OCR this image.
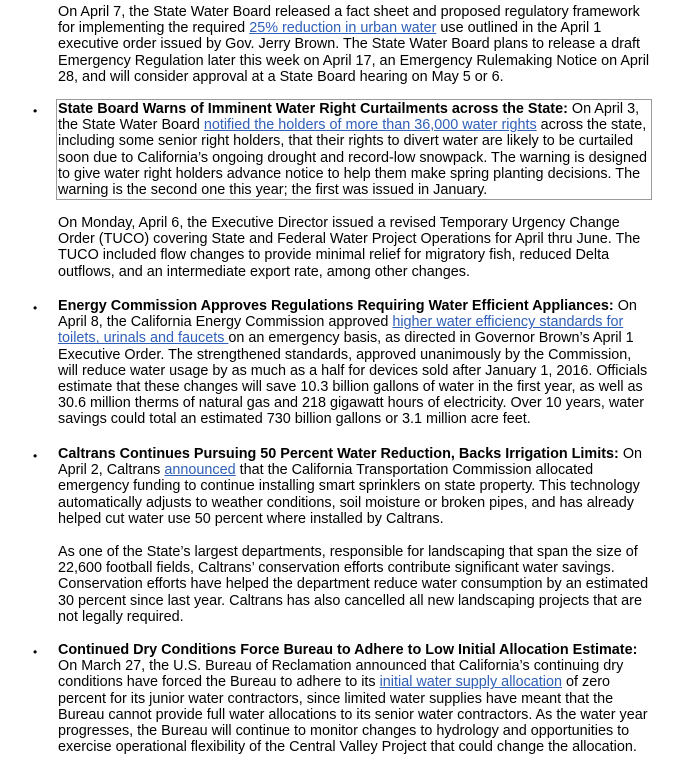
On April 7, the State Water Board released a fact sheet and proposed regulatory framework for implementing the required 25% reduction in urban water use outlined in the April 1 executive order issued by Gov. Jerry Brown. The State Water Board plans to release a draft Emergency Regulation later this week on April 17, an Emergency Rulemaking Notice on April 28, and will consider approval at a State Board hearing on May 5 or 6.

• State Board Warns of Imminent Water Right Curtailments across the State: On April 3, the State Water Board notified the holders of more than 36,000 water rights across the state, including some senior right holders, that their rights to divert water are likely to be curtailed soon due to California’s ongoing drought and record-low snowpack. The warning is designed to give water right holders advance notice to help them make spring planting decisions. The warning is the second one this year; the first was issued in January.

On Monday, April 6, the Executive Director issued a revised Temporary Urgency Change Order (TUCO) covering State and Federal Water Project Operations for April thru June. The TUCO included flow changes to provide minimal relief for migratory fish, reduced Delta outflows, and an intermediate export rate, among other changes.

• Energy Commission Approves Regulations Requiring Water Efficient Appliances: On April 8, the California Energy Commission approved higher water efficiency standards for toilets, urinals and faucets on an emergency basis, as directed in Governor Brown’s April 1 Executive Order. The strengthened standards, approved unanimously by the Commission, will reduce water usage by as much as a half for devices sold after January 1, 2016. Officials estimate that these changes will save 10.3 billion gallons of water in the first year, as well as 30.6 million therms of natural gas and 218 gigawatt hours of electricity. Over 10 years, water savings could total an estimated 730 billion gallons or 3.1 million acre feet.

• Caltrans Continues Pursuing 50 Percent Water Reduction, Backs Irrigation Limits: On April 2, Caltrans announced that the California Transportation Commission allocated emergency funding to continue installing smart sprinklers on state property. This technology automatically adjusts to weather conditions, soil moisture or broken pipes, and has already helped cut water use 50 percent where installed by Caltrans.

As one of the State’s largest departments, responsible for landscaping that span the size of 22,600 football fields, Caltrans’ conservation efforts contribute significant water savings. Conservation efforts have helped the department reduce water consumption by an estimated 30 percent since last year. Caltrans has also cancelled all new landscaping projects that are not legally required.

• Continued Dry Conditions Force Bureau to Adhere to Low Initial Allocation Estimate: On March 27, the U.S. Bureau of Reclamation announced that California’s continuing dry conditions have forced the Bureau to adhere to its initial water supply allocation of zero percent for its junior water contractors, since limited water supplies have meant that the Bureau cannot provide full water allocations to its senior water contractors. As the water year progresses, the Bureau will continue to monitor changes to hydrology and opportunities to exercise operational flexibility of the Central Valley Project that could change the allocation.
